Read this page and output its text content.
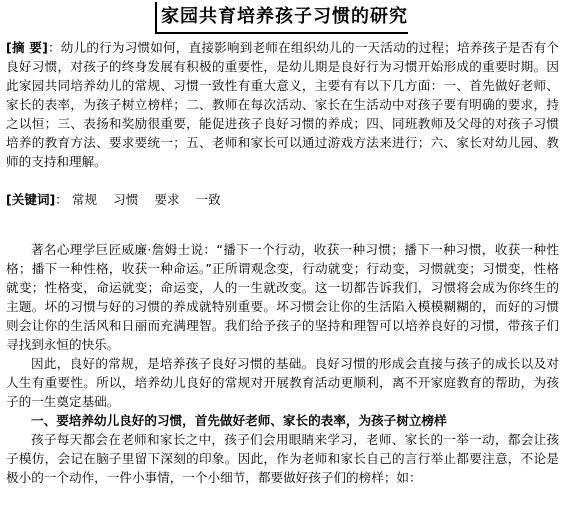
家园共育培养孩子习惯的研究
[摘 要]：幼儿的行为习惯如何，直接影响到老师在组织幼儿的一天活动的过程；培养孩子是否有个良好习惯，对孩子的终身发展有积极的重要性，是幼儿期是良好行为习惯开始形成的重要时期。因此家园共同培养幼儿的常规、习惯一致性有重大意义，主要有有以下几方面：一、首先做好老师、家长的表率，为孩子树立榜样；二、教师在每次活动、家长在生活动中对孩子要有明确的要求，持之以恒；三、表扬和奖励很重要，能促进孩子良好习惯的养成；四、同班教师及父母的对孩子习惯培养的教育方法、要求要统一；五、老师和家长可以通过游戏方法来进行；六、家长对幼儿园、教师的支持和理解。
[关键词]： 常规 习惯 要求 一致
著名心理学巨匠威廉·詹姆士说：“播下一个行动，收获一种习惯；播下一种习惯，收获一种性格；播下一种性格，收获一种命运。”正所谓观念变，行动就变；行动变，习惯就变；习惯变，性格就变；性格变，命运就变；命运变，人的一生就改变。这一切都告诉我们，习惯将会成为你终生的主题。坏的习惯与好的习惯的养成就特别重要。坏习惯会让你的生活陷入模模糊糊的，而好的习惯则会让你的生活风和日丽而充满理智。我们给予孩子的坚持和理智可以培养良好的习惯，带孩子们寻找到永恒的快乐。
因此，良好的常规，是培养孩子良好习惯的基础。良好习惯的形成会直接与孩子的成长以及对人生有重要性。所以，培养幼儿良好的常规对开展教育活动更顺利，离不开家庭教育的帮助，为孩子的一生奠定基础。
一、要培养幼儿良好的习惯，首先做好老师、家长的表率，为孩子树立榜样
孩子每天都会在老师和家长之中，孩子们会用眼睛来学习，老师、家长的一举一动，都会让孩子模仿，会记在脑子里留下深刻的印象。因此，作为老师和家长自己的言行举止都要注意，不论是极小的一个动作，一件小事情，一个小细节，都要做好孩子们的榜样；如：
